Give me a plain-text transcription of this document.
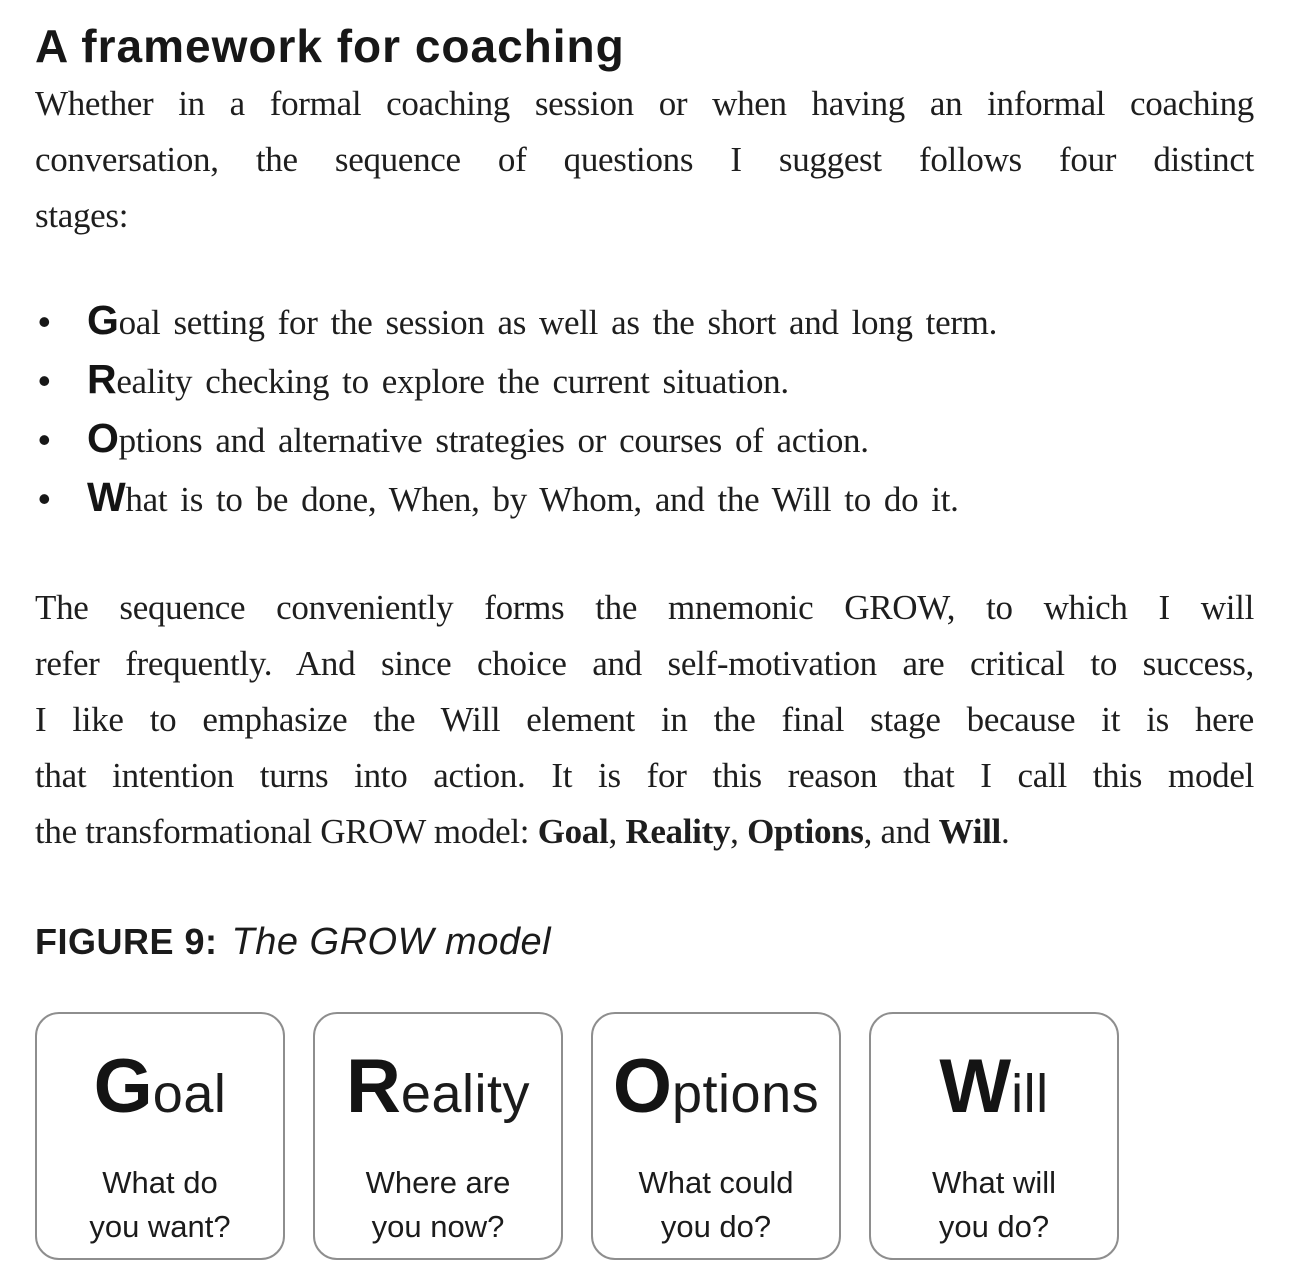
A framework for coaching
Whether in a formal coaching session or when having an informal coaching
conversation, the sequence of questions I suggest follows four distinct
stages:
• Goal setting for the session as well as the short and long term.
• Reality checking to explore the current situation.
• Options and alternative strategies or courses of action.
• What is to be done, When, by Whom, and the Will to do it.
The sequence conveniently forms the mnemonic GROW, to which I will
refer frequently. And since choice and self-motivation are critical to success,
I like to emphasize the Will element in the final stage because it is here
that intention turns into action. It is for this reason that I call this model
the transformational GROW model: Goal, Reality, Options, and Will.
FIGURE 9: The GROW model
Goal
What do
you want?
Reality
Where are
you now?
Options
What could
you do?
Will
What will
you do?
